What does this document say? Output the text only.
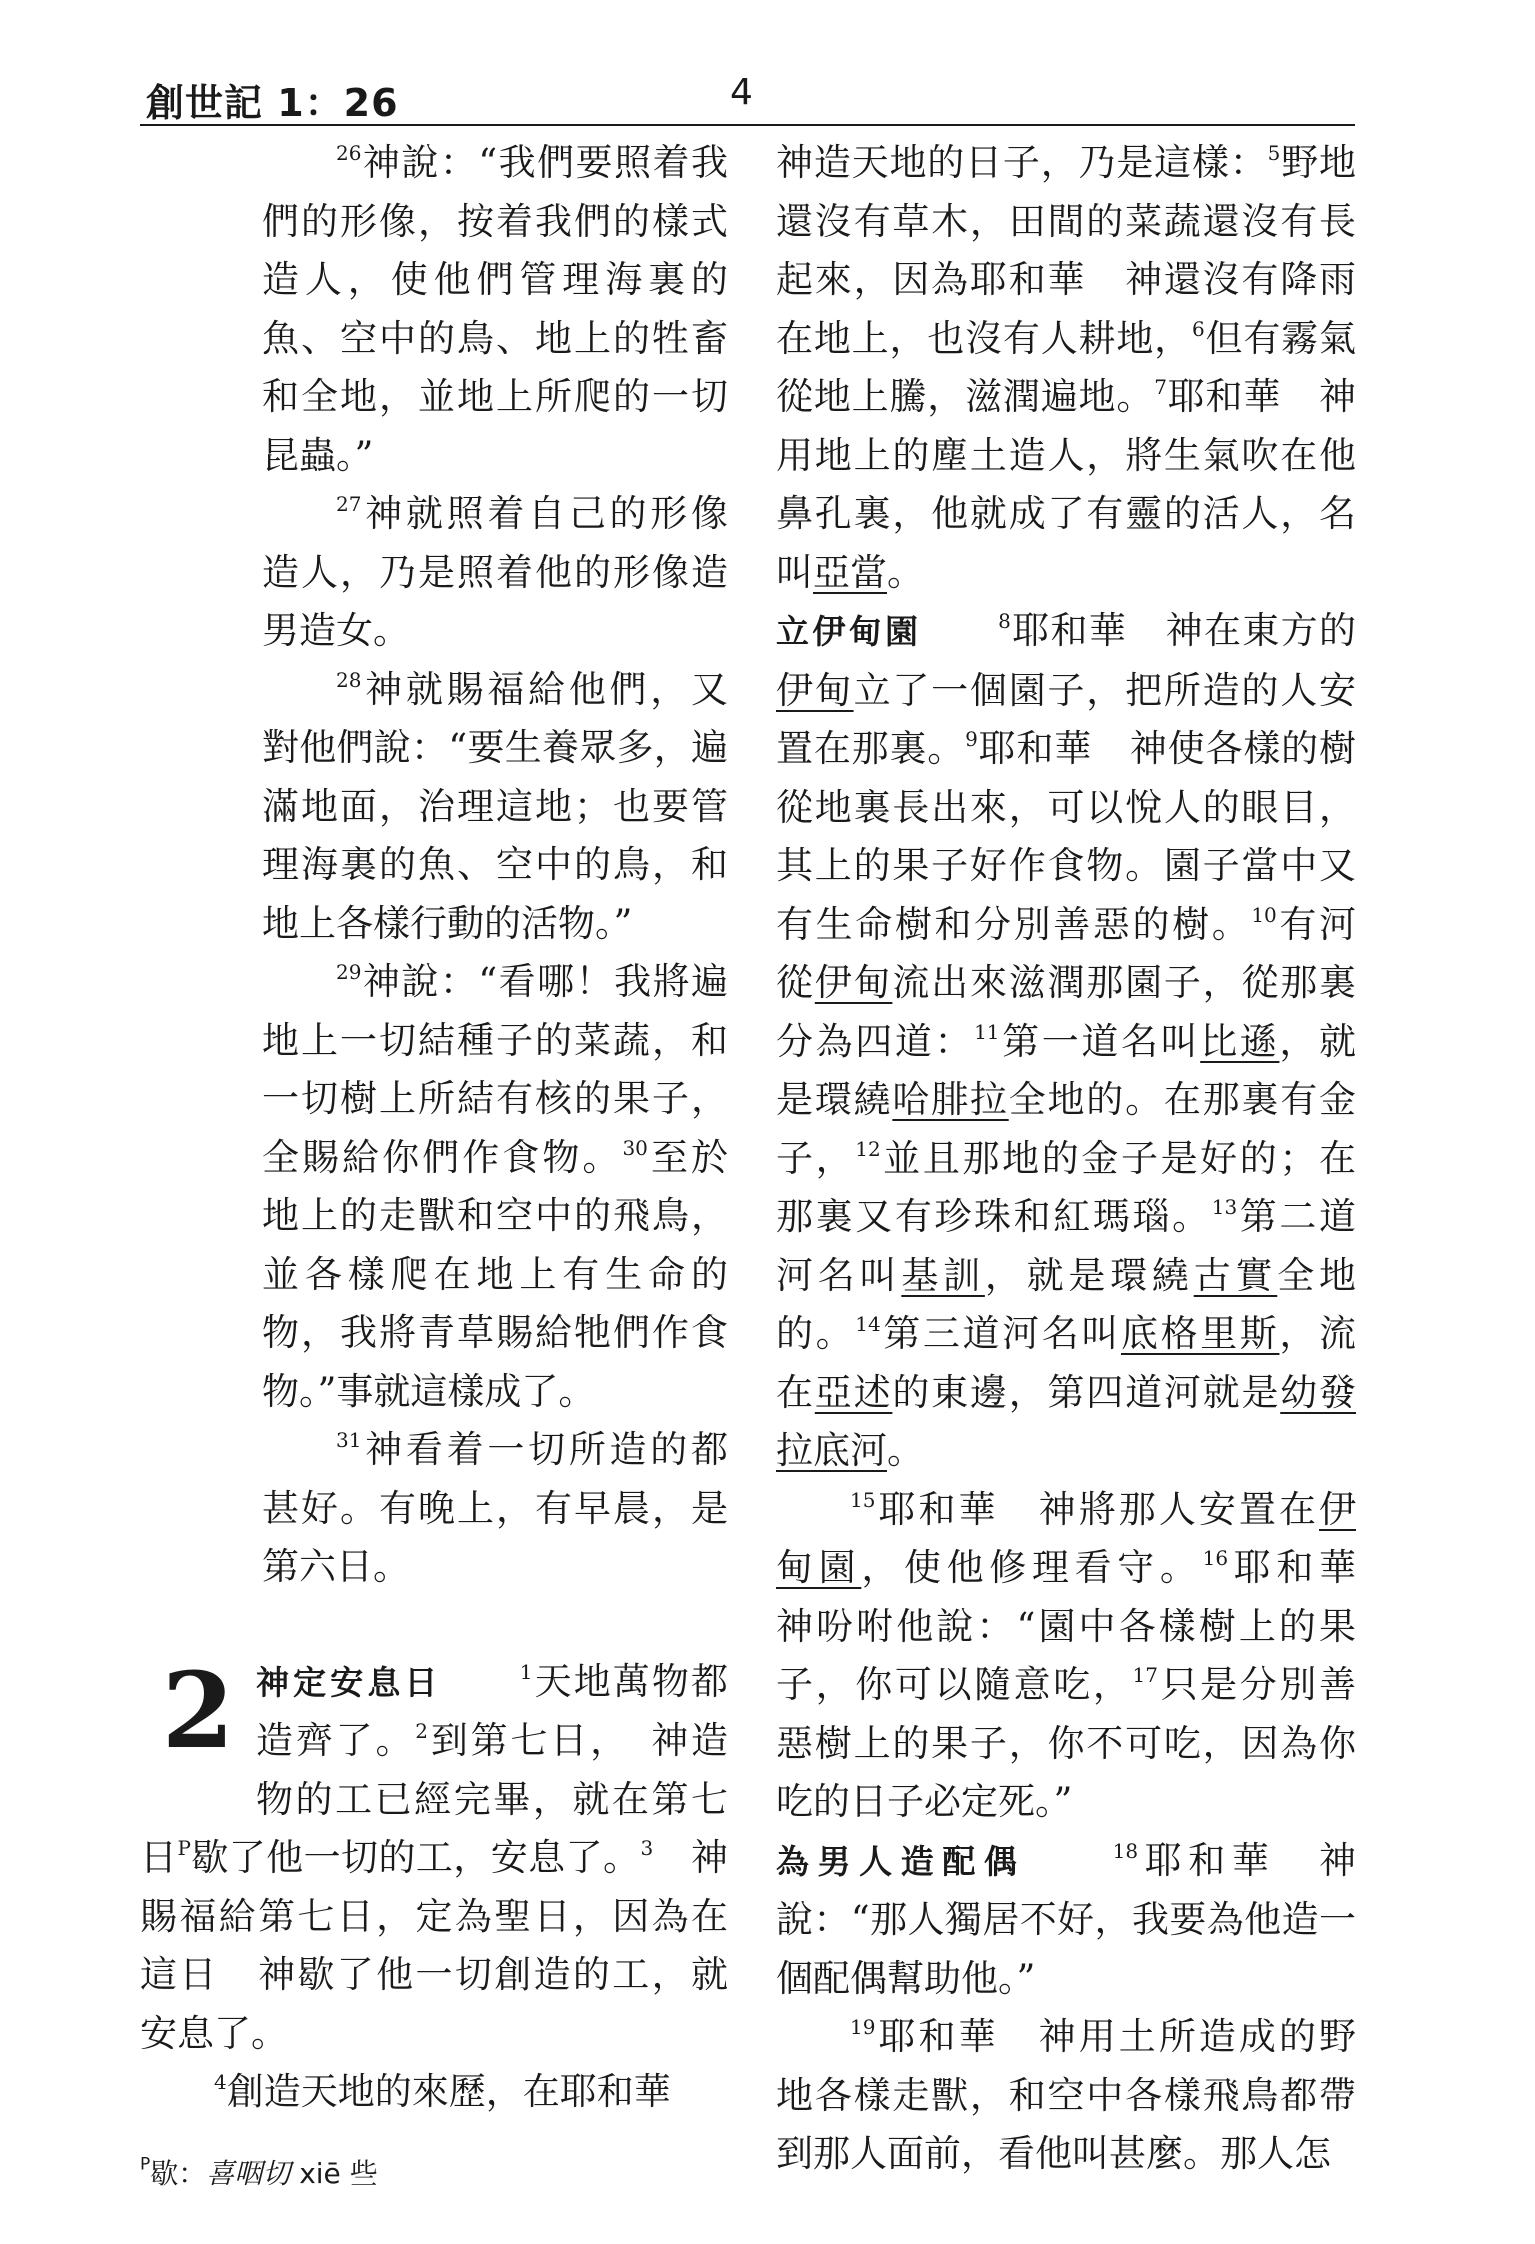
創世記 1：26	4

$^{26}$神說：“我們要照着我們的形像，按着我們的樣式造人，使他們管理海裏的魚、空中的鳥、地上的牲畜和全地，並地上所爬的一切昆蟲。”

$^{27}$神就照着自己的形像造人，乃是照着他的形像造男造女。

$^{28}$神就賜福給他們，又對他們說：“要生養眾多，遍滿地面，治理這地；也要管理海裏的魚、空中的鳥，和地上各樣行動的活物。”

$^{29}$神說：“看哪！我將遍地上一切結種子的菜蔬，和一切樹上所結有核的果子，全賜給你們作食物。$^{30}$至於地上的走獸和空中的飛鳥，並各樣爬在地上有生命的物，我將青草賜給牠們作食物。”事就這樣成了。

$^{31}$神看着一切所造的都甚好。有晚上，有早晨，是第六日。

2 神定安息日　　	$^1$天地萬物都造齊了。$^2$到第七日，　神造物的工已經完畢，就在第七日$^P$歇了他一切的工，安息了。$^3$　神賜福給第七日，定為聖日，因為在這日　神歇了他一切創造的工，就安息了。

$^4$創造天地的來歷，在耶和華

神造天地的日子，乃是這樣：$^5$野地還沒有草木，田間的菜蔬還沒有長起來，因為耶和華　神還沒有降雨在地上，也沒有人耕地，$^6$但有霧氣從地上騰，滋潤遍地。$^7$耶和華　神用地上的塵土造人，將生氣吹在他鼻孔裏，他就成了有靈的活人，名叫亞當。

立伊甸園　　	$^8$耶和華　神在東方的伊甸立了一個園子，把所造的人安置在那裏。$^9$耶和華　神使各樣的樹從地裏長出來，可以悅人的眼目，其上的果子好作食物。園子當中又有生命樹和分別善惡的樹。$^{10}$有河從伊甸流出來滋潤那園子，從那裏分為四道：$^{11}$第一道名叫比遜，就是環繞哈腓拉全地的。在那裏有金子，$^{12}$並且那地的金子是好的；在那裏又有珍珠和紅瑪瑙。$^{13}$第二道河名叫基訓，就是環繞古實全地的。$^{14}$第三道河名叫底格里斯，流在亞述的東邊，第四道河就是幼發拉底河。

$^{15}$耶和華　神將那人安置在伊甸園，使他修理看守。$^{16}$耶和華　神吩咐他說：“園中各樣樹上的果子，你可以隨意吃，$^{17}$只是分別善惡樹上的果子，你不可吃，因為你吃的日子必定死。”

為男人造配偶　　	$^{18}$耶和華　神說：“那人獨居不好，我要為他造一個配偶幫助他。”

$^{19}$耶和華　神用土所造成的野地各樣走獸，和空中各樣飛鳥都帶到那人面前，看他叫甚麼。那人怎

$^P$歇：喜咽切 xiē 些
